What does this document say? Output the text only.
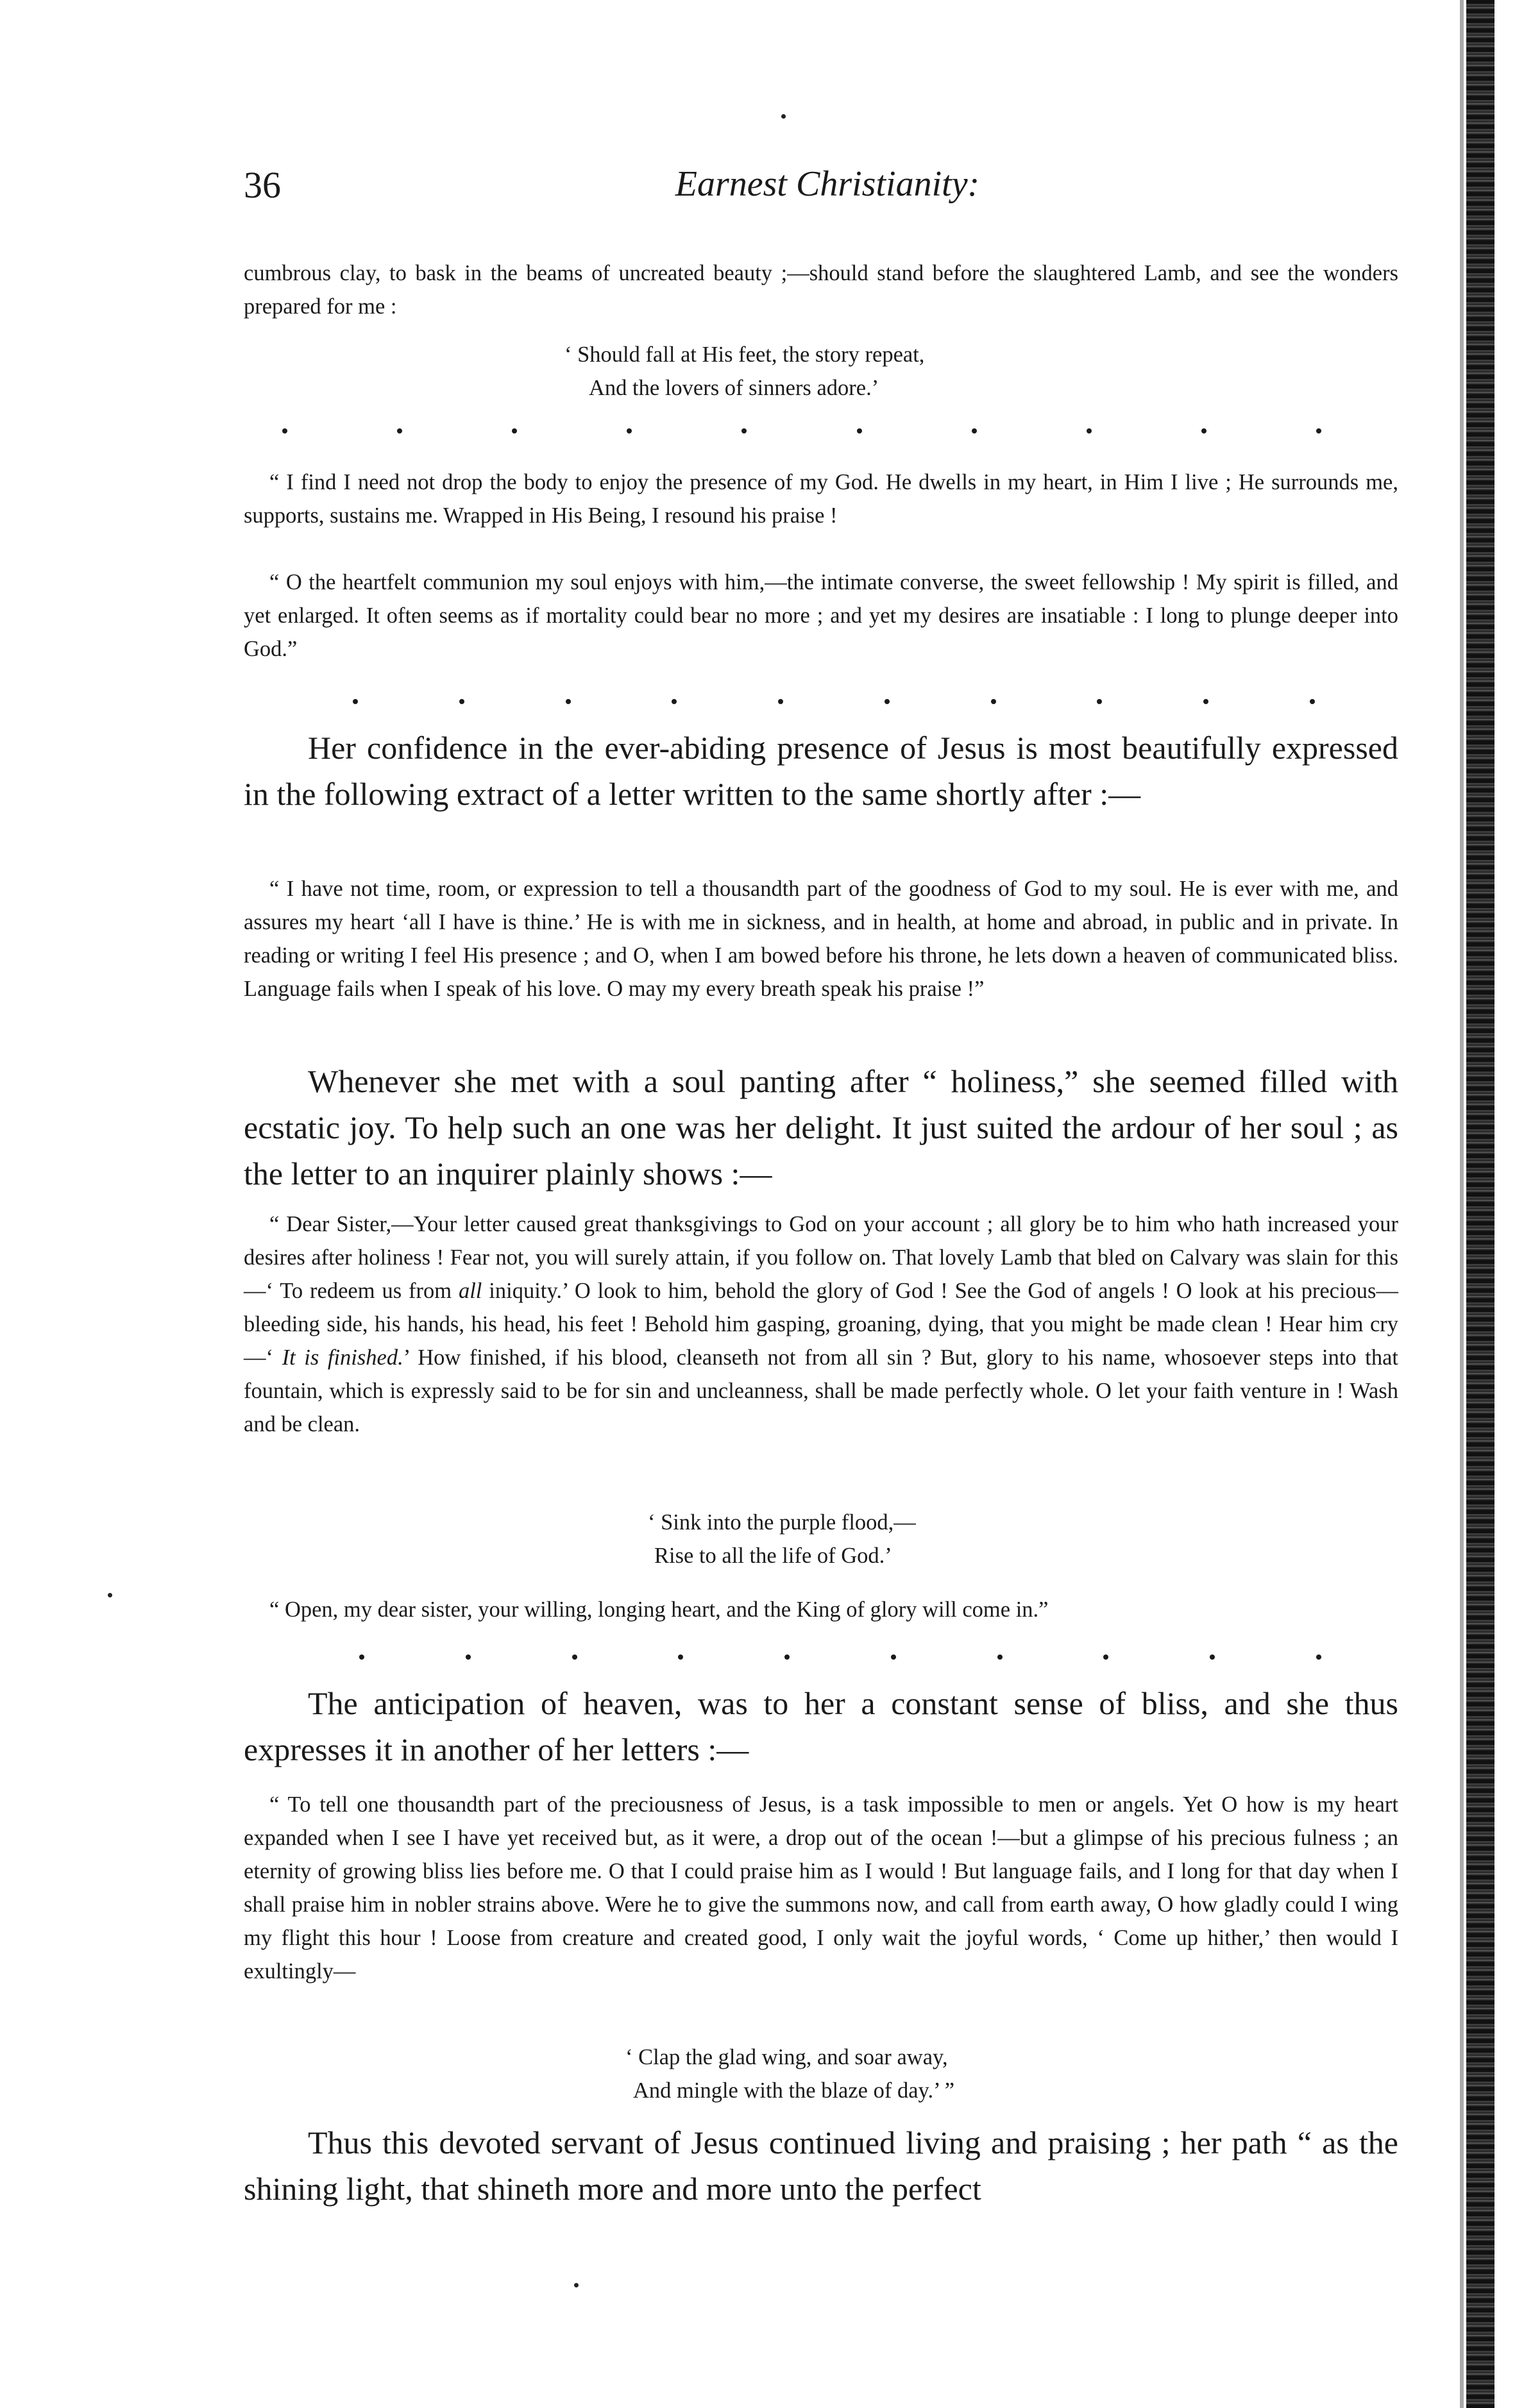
Earnest Christianity:
36

cumbrous clay, to bask in the beams of uncreated beauty ;—should stand before the slaughtered Lamb, and see the wonders prepared for me :

‘ Should fall at His feet, the story repeat,
And the lovers of sinners adore.’

“ I find I need not drop the body to enjoy the presence of my God. He dwells in my heart, in Him I live ; He surrounds me, supports, sustains me. Wrapped in His Being, I resound his praise !

“ O the heartfelt communion my soul enjoys with him,—the intimate converse, the sweet fellowship ! My spirit is filled, and yet enlarged. It often seems as if mortality could bear no more ; and yet my desires are insatiable : I long to plunge deeper into God.”

Her confidence in the ever-abiding presence of Jesus is most beautifully expressed in the following extract of a letter written to the same shortly after :—

“ I have not time, room, or expression to tell a thousandth part of the goodness of God to my soul. He is ever with me, and assures my heart ‘all I have is thine.’ He is with me in sickness, and in health, at home and abroad, in public and in private. In reading or writing I feel His presence ; and O, when I am bowed before his throne, he lets down a heaven of communicated bliss. Language fails when I speak of his love. O may my every breath speak his praise !”

Whenever she met with a soul panting after “ holiness,” she seemed filled with ecstatic joy. To help such an one was her delight. It just suited the ardour of her soul ; as the letter to an inquirer plainly shows :—

“ Dear Sister,—Your letter caused great thanksgivings to God on your account ; all glory be to him who hath increased your desires after holiness ! Fear not, you will surely attain, if you follow on. That lovely Lamb that bled on Calvary was slain for this—‘ To redeem us from all iniquity.’ O look to him, behold the glory of God ! See the God of angels ! O look at his precious—bleeding side, his hands, his head, his feet ! Behold him gasping, groaning, dying, that you might be made clean ! Hear him cry—‘ It is finished.’ How finished, if his blood, cleanseth not from all sin ? But, glory to his name, whosoever steps into that fountain, which is expressly said to be for sin and uncleanness, shall be made perfectly whole. O let your faith venture in ! Wash and be clean.

‘ Sink into the purple flood,—
Rise to all the life of God.’

“ Open, my dear sister, your willing, longing heart, and the King of glory will come in.”

The anticipation of heaven, was to her a constant sense of bliss, and she thus expresses it in another of her letters :—

“ To tell one thousandth part of the preciousness of Jesus, is a task impossible to men or angels. Yet O how is my heart expanded when I see I have yet received but, as it were, a drop out of the ocean !—but a glimpse of his precious fulness ; an eternity of growing bliss lies before me. O that I could praise him as I would ! But language fails, and I long for that day when I shall praise him in nobler strains above. Were he to give the summons now, and call from earth away, O how gladly could I wing my flight this hour ! Loose from creature and created good, I only wait the joyful words, ‘ Come up hither,’ then would I exultingly—

‘ Clap the glad wing, and soar away,
And mingle with the blaze of day.’ ”

Thus this devoted servant of Jesus continued living and praising ; her path “ as the shining light, that shineth more and more unto the perfect
